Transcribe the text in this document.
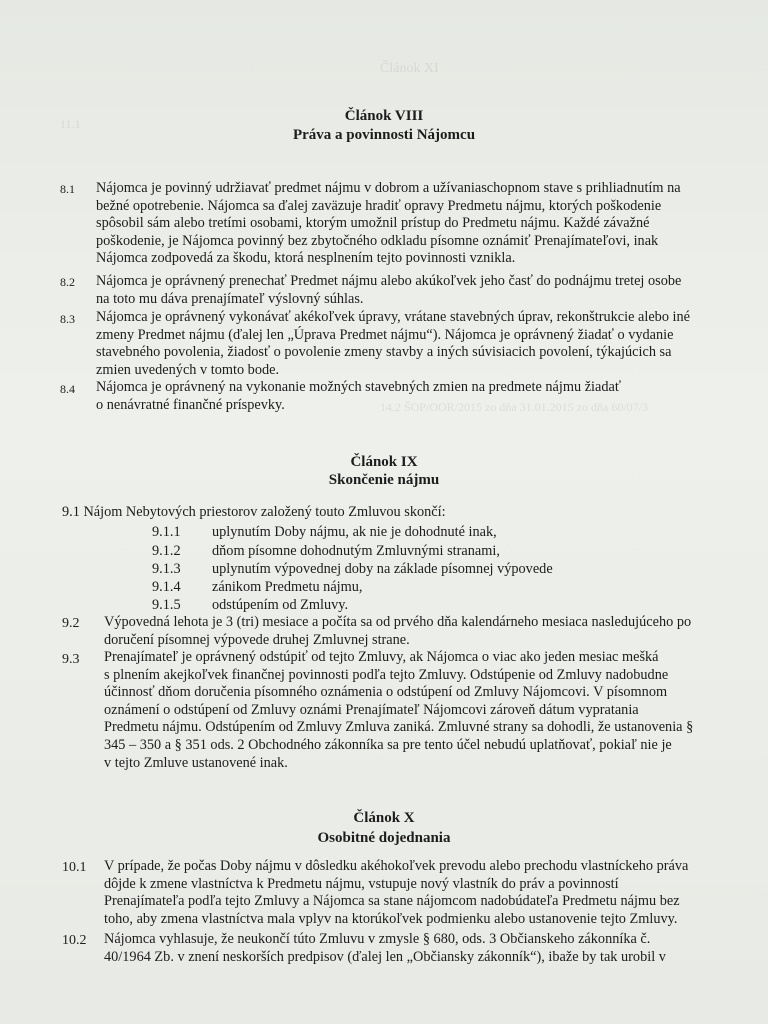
Článok XI
11.1
14.2 ŠOP/OOR/2015 zo dňa 31.01.2015 zo dňa 60/07/3
Článok VIII
Práva a povinnosti Nájomcu
8.1 Nájomca je povinný udržiavať predmet nájmu v dobrom a užívaniaschopnom stave s prihliadnutím na
bežné opotrebenie. Nájomca sa ďalej zaväzuje hradiť opravy Predmetu nájmu, ktorých poškodenie
spôsobil sám alebo tretími osobami, ktorým umožnil prístup do Predmetu nájmu. Každé závažné
poškodenie, je Nájomca povinný bez zbytočného odkladu písomne oznámiť Prenajímateľovi, inak
Nájomca zodpovedá za škodu, ktorá nesplnením tejto povinnosti vznikla.
8.2 Nájomca je oprávnený prenechať Predmet nájmu alebo akúkoľvek jeho časť do podnájmu tretej osobe
na toto mu dáva prenajímateľ výslovný súhlas.
8.3 Nájomca je oprávnený vykonávať akékoľvek úpravy, vrátane stavebných úprav, rekonštrukcie alebo iné
zmeny Predmet nájmu (ďalej len „Úprava Predmet nájmu“). Nájomca je oprávnený žiadať o vydanie
stavebného povolenia, žiadosť o povolenie zmeny stavby a iných súvisiacich povolení, týkajúcich sa
zmien uvedených v tomto bode.
8.4 Nájomca je oprávnený na vykonanie možných stavebných zmien na predmete nájmu žiadať
o nenávratné finančné príspevky.
Článok IX
Skončenie nájmu
9.1 Nájom Nebytových priestorov založený touto Zmluvou skončí:
9.1.1 uplynutím Doby nájmu, ak nie je dohodnuté inak,
9.1.2 dňom písomne dohodnutým Zmluvnými stranami,
9.1.3 uplynutím výpovednej doby na základe písomnej výpovede
9.1.4 zánikom Predmetu nájmu,
9.1.5 odstúpením od Zmluvy.
9.2 Výpovedná lehota je 3 (tri) mesiace a počíta sa od prvého dňa kalendárneho mesiaca nasledujúceho po
doručení písomnej výpovede druhej Zmluvnej strane.
9.3 Prenajímateľ je oprávnený odstúpiť od tejto Zmluvy, ak Nájomca o viac ako jeden mesiac mešká
s plnením akejkoľvek finančnej povinnosti podľa tejto Zmluvy. Odstúpenie od Zmluvy nadobudne
účinnosť dňom doručenia písomného oznámenia o odstúpení od Zmluvy Nájomcovi. V písomnom
oznámení o odstúpení od Zmluvy oznámi Prenajímateľ Nájomcovi zároveň dátum vypratania
Predmetu nájmu. Odstúpením od Zmluvy Zmluva zaniká. Zmluvné strany sa dohodli, že ustanovenia §
345 – 350 a § 351 ods. 2 Obchodného zákonníka sa pre tento účel nebudú uplatňovať, pokiaľ nie je
v tejto Zmluve ustanovené inak.
Článok X
Osobitné dojednania
10.1 V prípade, že počas Doby nájmu v dôsledku akéhokoľvek prevodu alebo prechodu vlastníckeho práva
dôjde k zmene vlastníctva k Predmetu nájmu, vstupuje nový vlastník do práv a povinností
Prenajímateľa podľa tejto Zmluvy a Nájomca sa stane nájomcom nadobúdateľa Predmetu nájmu bez
toho, aby zmena vlastníctva mala vplyv na ktorúkoľvek podmienku alebo ustanovenie tejto Zmluvy.
10.2 Nájomca vyhlasuje, že neukončí túto Zmluvu v zmysle § 680, ods. 3 Občianskeho zákonníka č.
40/1964 Zb. v znení neskorších predpisov (ďalej len „Občiansky zákonník“), ibaže by tak urobil v
